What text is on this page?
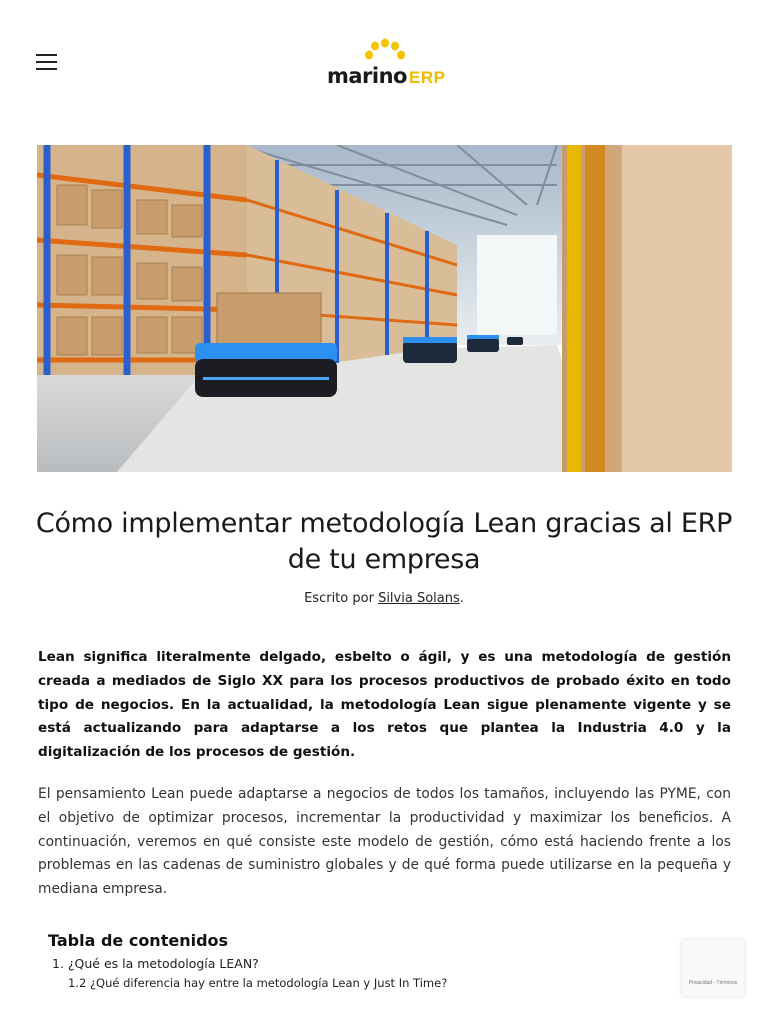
marino ERP
Cómo implementar metodología Lean gracias al ERP de tu empresa
Escrito por Silvia Solans.

Lean significa literalmente delgado, esbelto o ágil, y es una metodología de gestión creada a mediados de Siglo XX para los procesos productivos de probado éxito en todo tipo de negocios. En la actualidad, la metodología Lean sigue plenamente vigente y se está actualizando para adaptarse a los retos que plantea la Industria 4.0 y la digitalización de los procesos de gestión.

El pensamiento Lean puede adaptarse a negocios de todos los tamaños, incluyendo las PYME, con el objetivo de optimizar procesos, incrementar la productividad y maximizar los beneficios. A continuación, veremos en qué consiste este modelo de gestión, cómo está haciendo frente a los problemas en las cadenas de suministro globales y de qué forma puede utilizarse en la pequeña y mediana empresa.

Tabla de contenidos
1. ¿Qué es la metodología LEAN?
1.2 ¿Qué diferencia hay entre la metodología Lean y Just In Time?	Privacidad - Términos
